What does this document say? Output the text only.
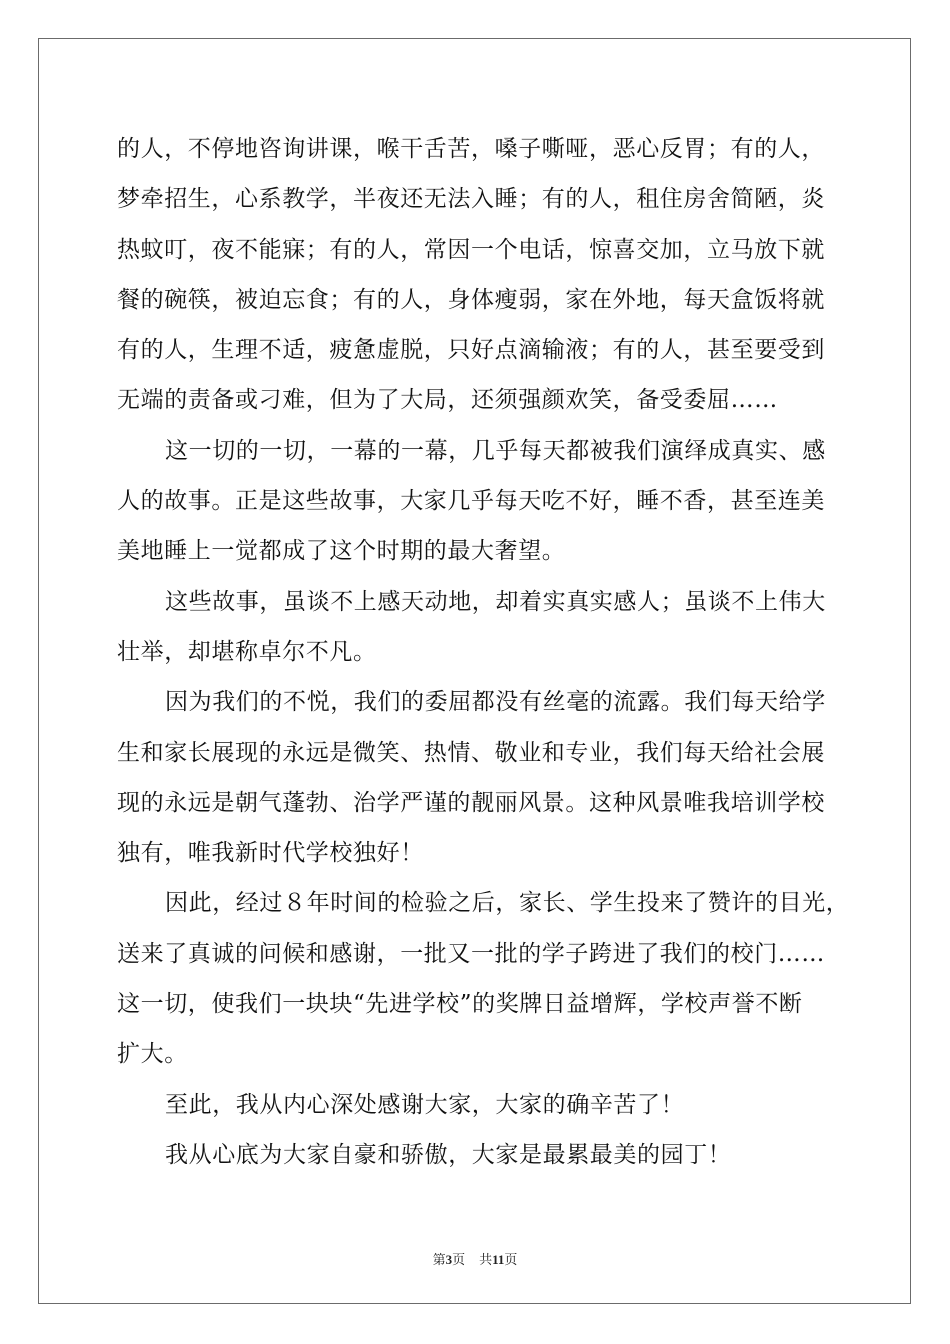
的人，不停地咨询讲课，喉干舌苦，嗓子嘶哑，恶心反胃；有的人，
梦牵招生，心系教学，半夜还无法入睡；有的人，租住房舍简陋，炎
热蚊叮，夜不能寐；有的人，常因一个电话，惊喜交加，立马放下就
餐的碗筷，被迫忘食；有的人，身体瘦弱，家在外地，每天盒饭将就
有的人，生理不适，疲惫虚脱，只好点滴输液；有的人，甚至要受到
无端的责备或刁难，但为了大局，还须强颜欢笑，备受委屈……
这一切的一切，一幕的一幕，几乎每天都被我们演绎成真实、感
人的故事。正是这些故事，大家几乎每天吃不好，睡不香，甚至连美
美地睡上一觉都成了这个时期的最大奢望。
这些故事，虽谈不上感天动地，却着实真实感人；虽谈不上伟大
壮举，却堪称卓尔不凡。
因为我们的不悦，我们的委屈都没有丝毫的流露。我们每天给学
生和家长展现的永远是微笑、热情、敬业和专业，我们每天给社会展
现的永远是朝气蓬勃、治学严谨的靓丽风景。这种风景唯我培训学校
独有，唯我新时代学校独好！
因此，经过８年时间的检验之后，家长、学生投来了赞许的目光，
送来了真诚的问候和感谢，一批又一批的学子跨进了我们的校门……
这一切，使我们一块块“先进学校”的奖牌日益增辉，学校声誉不断
扩大。
至此，我从内心深处感谢大家，大家的确辛苦了！
我从心底为大家自豪和骄傲，大家是最累最美的园丁！
第3页 共11页
